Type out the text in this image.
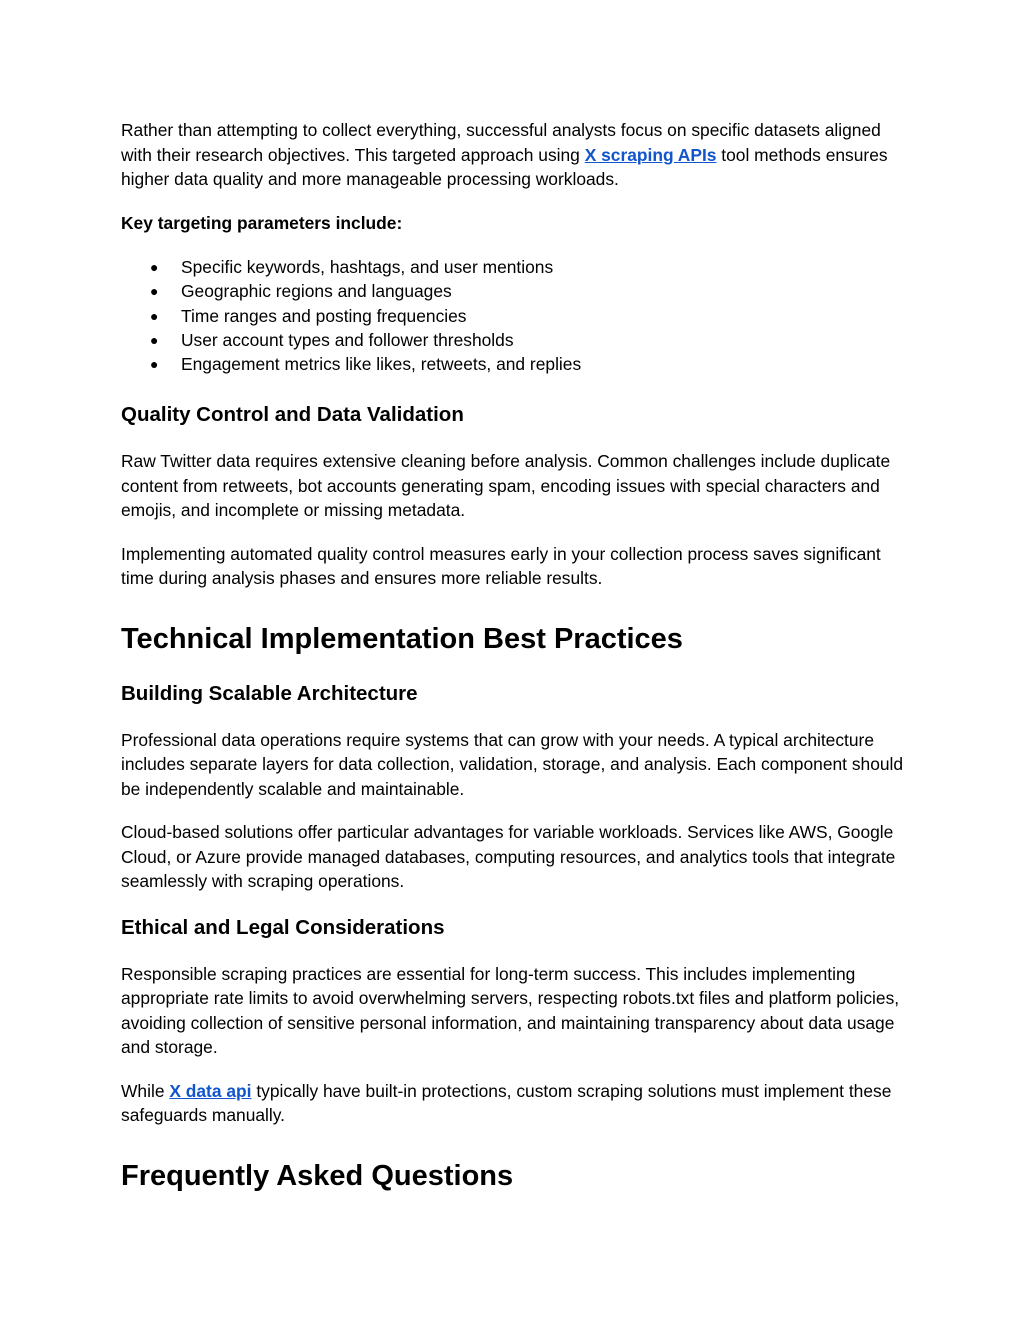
Rather than attempting to collect everything, successful analysts focus on specific datasets aligned with their research objectives. This targeted approach using X scraping APIs tool methods ensures higher data quality and more manageable processing workloads.

Key targeting parameters include:

● Specific keywords, hashtags, and user mentions
● Geographic regions and languages
● Time ranges and posting frequencies
● User account types and follower thresholds
● Engagement metrics like likes, retweets, and replies
Quality Control and Data Validation

Raw Twitter data requires extensive cleaning before analysis. Common challenges include duplicate content from retweets, bot accounts generating spam, encoding issues with special characters and emojis, and incomplete or missing metadata.

Implementing automated quality control measures early in your collection process saves significant time during analysis phases and ensures more reliable results.

Technical Implementation Best Practices
Building Scalable Architecture

Professional data operations require systems that can grow with your needs. A typical architecture includes separate layers for data collection, validation, storage, and analysis. Each component should be independently scalable and maintainable.

Cloud-based solutions offer particular advantages for variable workloads. Services like AWS, Google Cloud, or Azure provide managed databases, computing resources, and analytics tools that integrate seamlessly with scraping operations.

Ethical and Legal Considerations

Responsible scraping practices are essential for long-term success. This includes implementing appropriate rate limits to avoid overwhelming servers, respecting robots.txt files and platform policies, avoiding collection of sensitive personal information, and maintaining transparency about data usage and storage.

While X data api typically have built-in protections, custom scraping solutions must implement these safeguards manually.

Frequently Asked Questions
